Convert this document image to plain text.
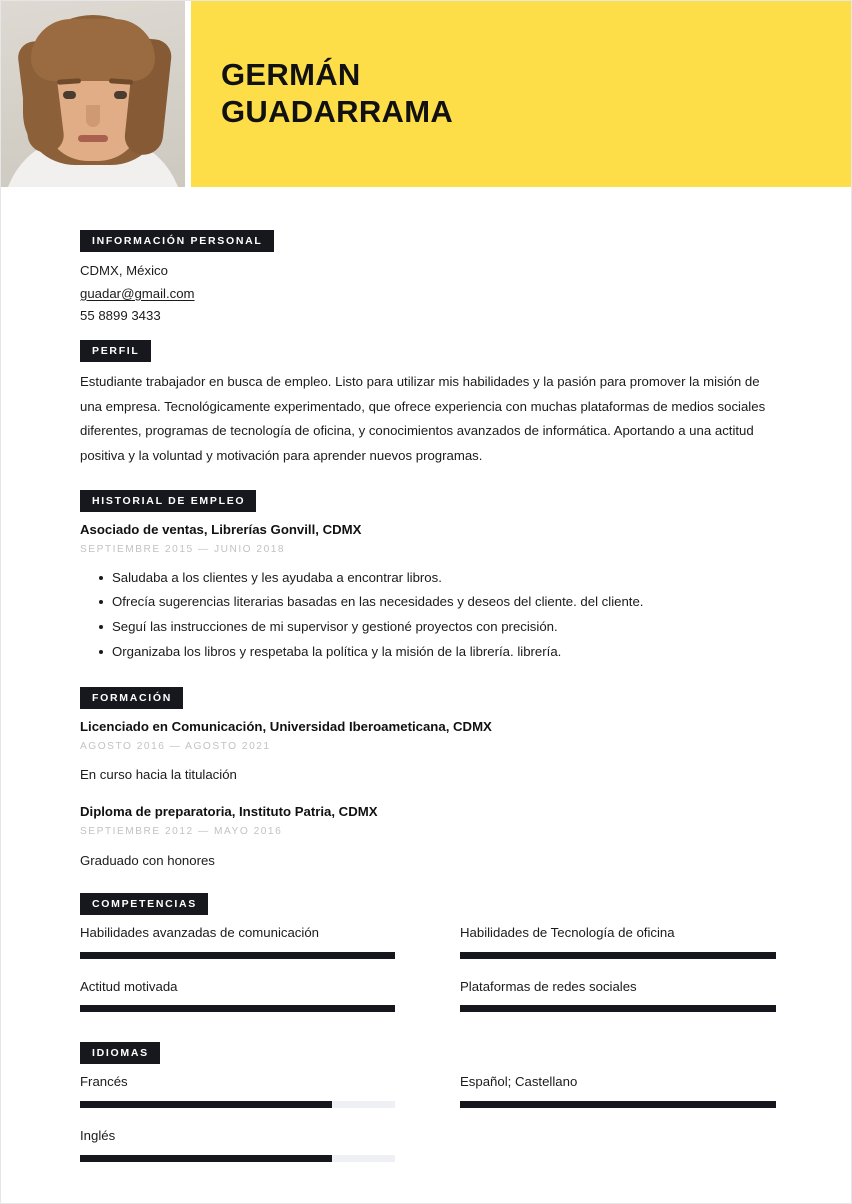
GERMÁN
GUADARRAMA
INFORMACIÓN PERSONAL
CDMX, México
guadar@gmail.com
55 8899 3433
PERFIL

Estudiante trabajador en busca de empleo. Listo para utilizar mis habilidades y la pasión para promover la misión de una empresa. Tecnológicamente experimentado, que ofrece experiencia con muchas plataformas de medios sociales diferentes, programas de tecnología de oficina, y conocimientos avanzados de informática. Aportando a una actitud positiva y la voluntad y motivación para aprender nuevos programas.

HISTORIAL DE EMPLEO
Asociado de ventas, Librerías Gonvill, CDMX
SEPTIEMBRE 2015 — JUNIO 2018
Saludaba a los clientes y les ayudaba a encontrar libros.
Ofrecía sugerencias literarias basadas en las necesidades y deseos del cliente. del cliente.
Seguí las instrucciones de mi supervisor y gestioné proyectos con precisión.
Organizaba los libros y respetaba la política y la misión de la librería. librería.
FORMACIÓN
Licenciado en Comunicación, Universidad Iberoameticana, CDMX
AGOSTO 2016 — AGOSTO 2021
En curso hacia la titulación
Diploma de preparatoria, Instituto Patria, CDMX
SEPTIEMBRE 2012 — MAYO 2016
Graduado con honores
COMPETENCIAS
Habilidades avanzadas de comunicación	Habilidades de Tecnología de oficina
Actitud motivada	Plataformas de redes sociales
IDIOMAS
Francés	Español; Castellano
Inglés
